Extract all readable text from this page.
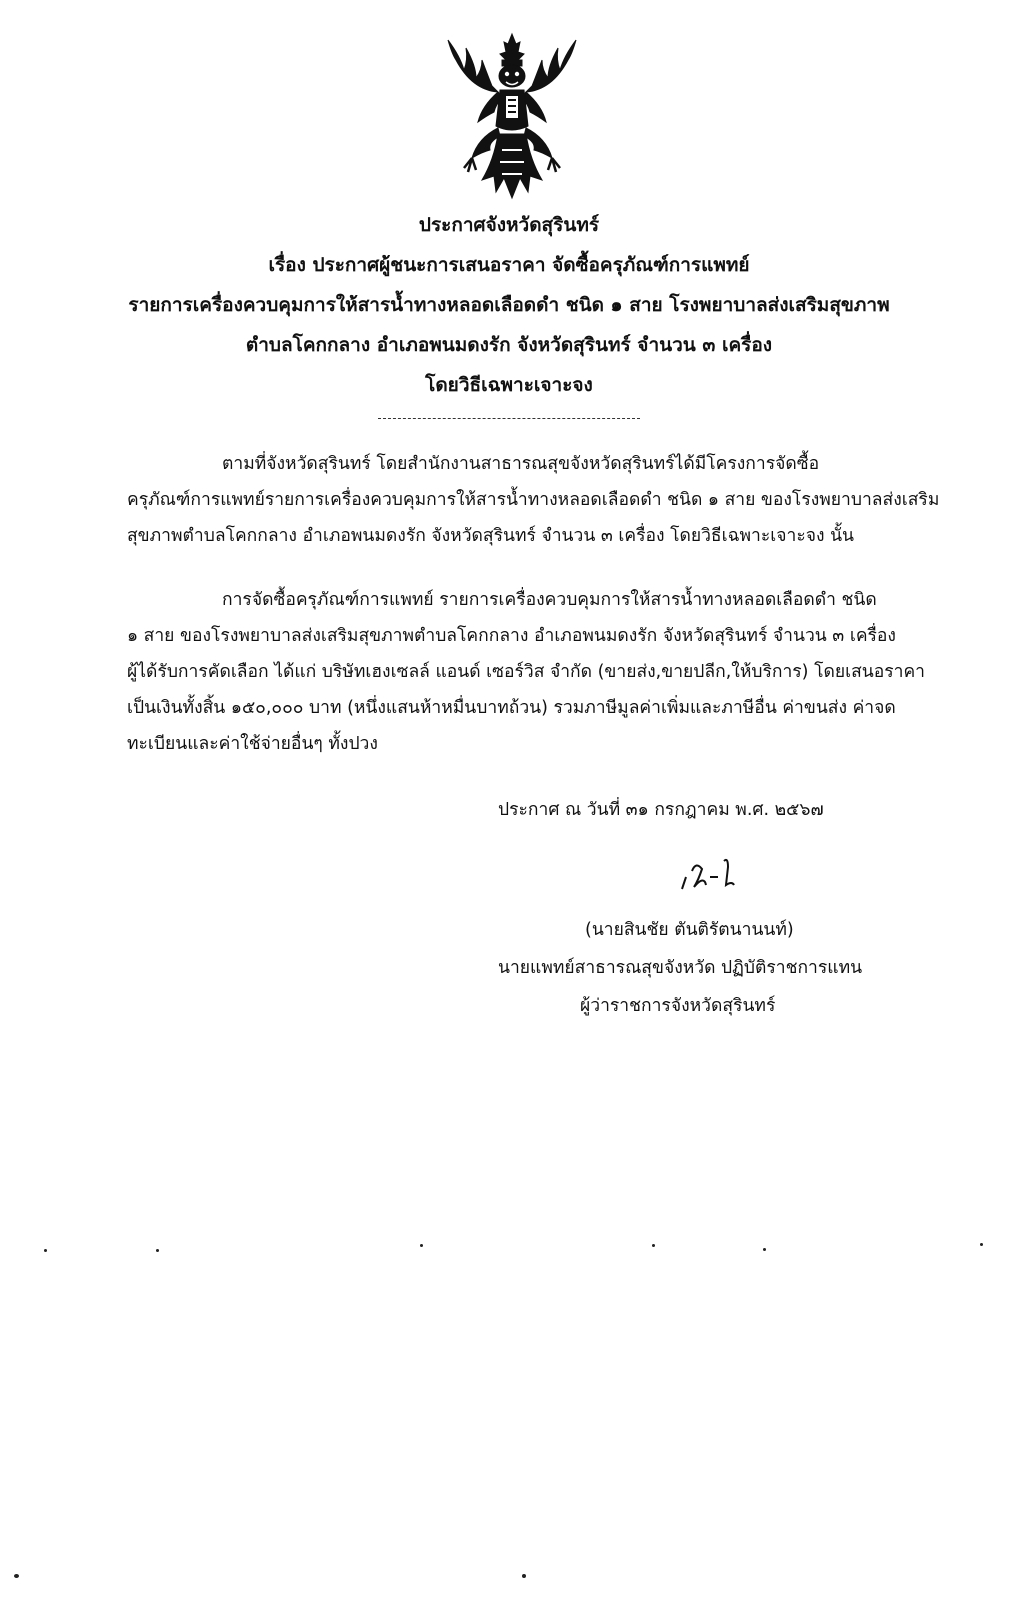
ประกาศจังหวัดสุรินทร์
เรื่อง ประกาศผู้ชนะการเสนอราคา จัดซื้อครุภัณฑ์การแพทย์
รายการเครื่องควบคุมการให้สารน้ำทางหลอดเลือดดำ ชนิด ๑ สาย โรงพยาบาลส่งเสริมสุขภาพ
ตำบลโคกกลาง อำเภอพนมดงรัก จังหวัดสุรินทร์ จำนวน ๓ เครื่อง
โดยวิธีเฉพาะเจาะจง
ตามที่จังหวัดสุรินทร์ โดยสำนักงานสาธารณสุขจังหวัดสุรินทร์ได้มีโครงการจัดซื้อ
ครุภัณฑ์การแพทย์รายการเครื่องควบคุมการให้สารน้ำทางหลอดเลือดดำ ชนิด ๑ สาย ของโรงพยาบาลส่งเสริม
สุขภาพตำบลโคกกลาง อำเภอพนมดงรัก จังหวัดสุรินทร์ จำนวน ๓ เครื่อง โดยวิธีเฉพาะเจาะจง นั้น
การจัดซื้อครุภัณฑ์การแพทย์ รายการเครื่องควบคุมการให้สารน้ำทางหลอดเลือดดำ ชนิด
๑ สาย ของโรงพยาบาลส่งเสริมสุขภาพตำบลโคกกลาง อำเภอพนมดงรัก จังหวัดสุรินทร์ จำนวน ๓ เครื่อง
ผู้ได้รับการคัดเลือก ได้แก่ บริษัทเฮงเซลล์ แอนด์ เซอร์วิส จำกัด (ขายส่ง,ขายปลีก,ให้บริการ) โดยเสนอราคา
เป็นเงินทั้งสิ้น ๑๕๐,๐๐๐ บาท (หนึ่งแสนห้าหมื่นบาทถ้วน) รวมภาษีมูลค่าเพิ่มและภาษีอื่น ค่าขนส่ง ค่าจด
ทะเบียนและค่าใช้จ่ายอื่นๆ ทั้งปวง
ประกาศ ณ วันที่ ๓๑ กรกฎาคม พ.ศ. ๒๕๖๗
(นายสินชัย ตันติรัตนานนท์)
นายแพทย์สาธารณสุขจังหวัด ปฏิบัติราชการแทน
ผู้ว่าราชการจังหวัดสุรินทร์
